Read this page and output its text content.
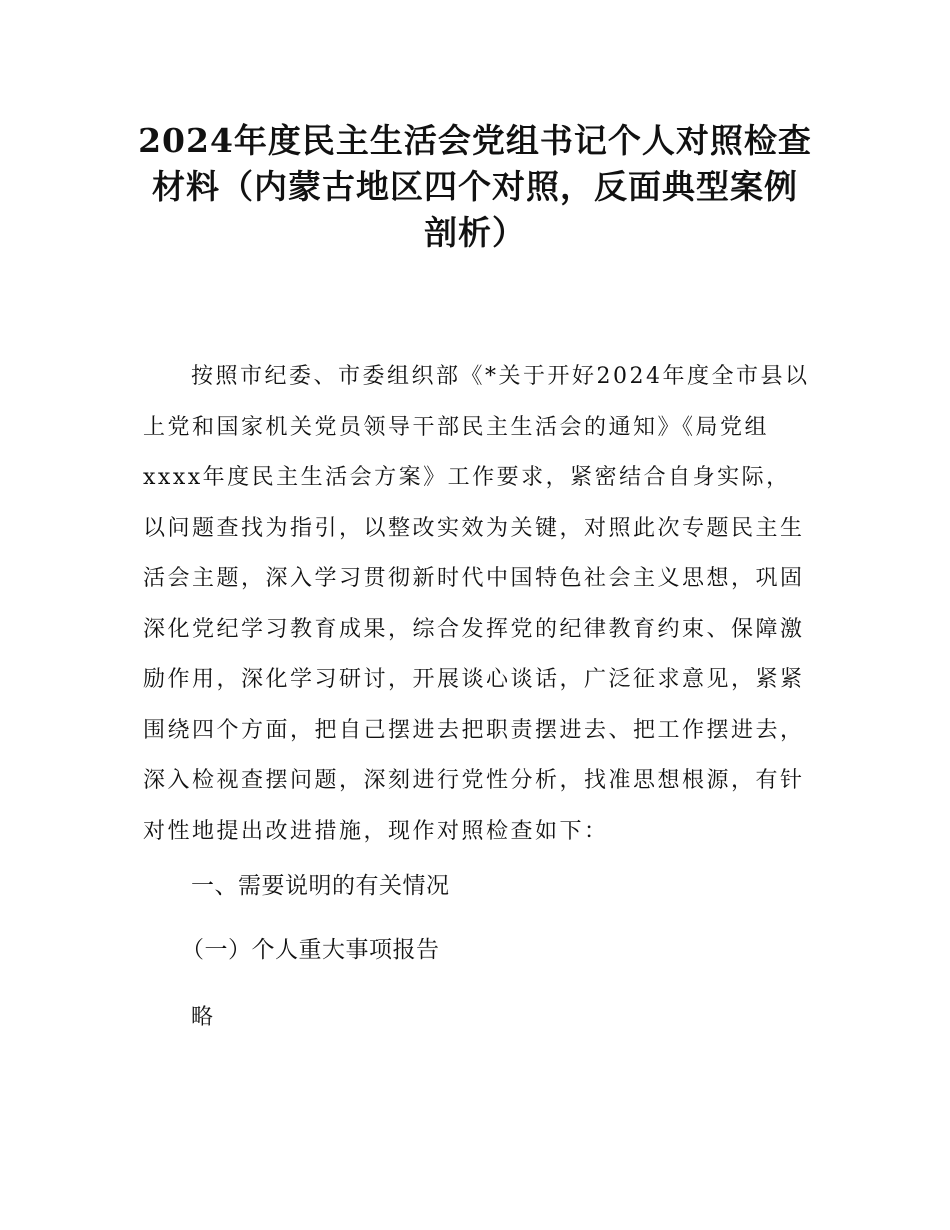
2024年度民主生活会党组书记个人对照检查
材料（内蒙古地区四个对照，反面典型案例
剖析）
按照市纪委、市委组织部《*关于开好2024年度全市县以
上党和国家机关党员领导干部民主生活会的通知》《局党组
xxxx年度民主生活会方案》工作要求，紧密结合自身实际，
以问题查找为指引，以整改实效为关键，对照此次专题民主生
活会主题，深入学习贯彻新时代中国特色社会主义思想，巩固
深化党纪学习教育成果，综合发挥党的纪律教育约束、保障激
励作用，深化学习研讨，开展谈心谈话，广泛征求意见，紧紧
围绕四个方面，把自己摆进去把职责摆进去、把工作摆进去，
深入检视查摆问题，深刻进行党性分析，找准思想根源，有针
对性地提出改进措施，现作对照检查如下：
一、需要说明的有关情况
（一）个人重大事项报告
略
